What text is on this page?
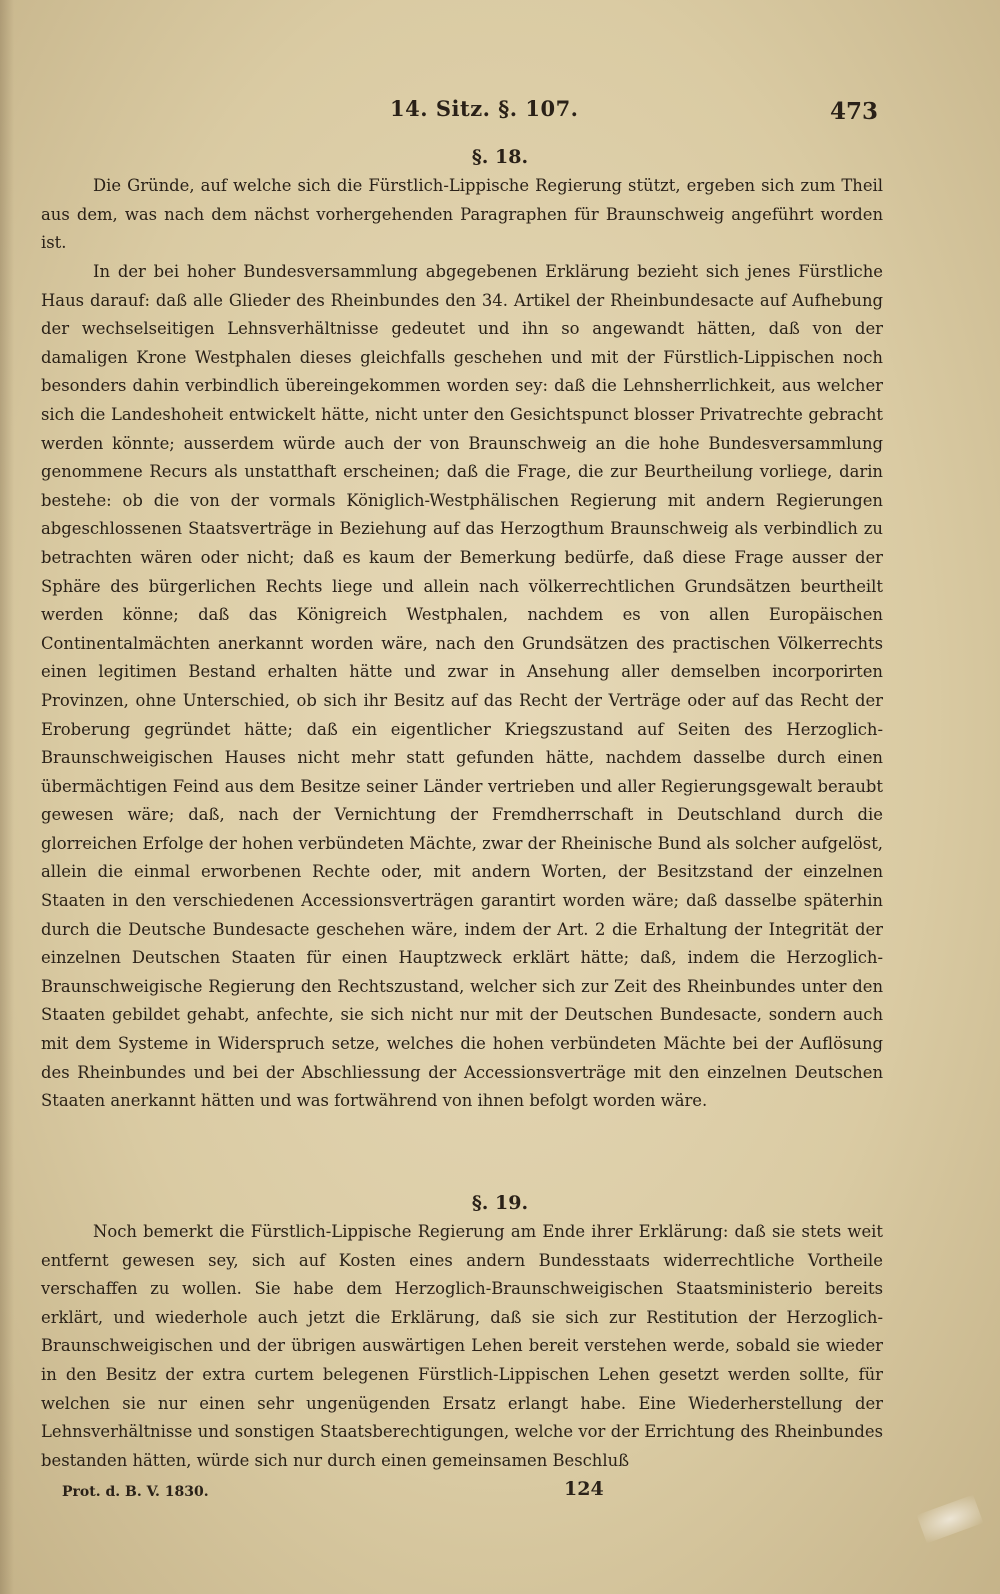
14. Sitz. §. 107.	473
§. 18.

Die Gründe, auf welche sich die Fürstlich-Lippische Regierung stützt, ergeben sich zum Theil aus dem, was nach dem nächst vorhergehenden Paragraphen für Braunschweig angeführt worden ist.

In der bei hoher Bundesversammlung abgegebenen Erklärung bezieht sich jenes Fürstliche Haus darauf: daß alle Glieder des Rheinbundes den 34. Artikel der Rheinbundesacte auf Aufhebung der wechselseitigen Lehnsverhältnisse gedeutet und ihn so angewandt hätten, daß von der damaligen Krone Westphalen dieses gleichfalls geschehen und mit der Fürstlich-Lippischen noch besonders dahin verbindlich übereingekommen worden sey: daß die Lehnsherrlichkeit, aus welcher sich die Landeshoheit entwickelt hätte, nicht unter den Gesichtspunct blosser Privatrechte gebracht werden könnte; ausserdem würde auch der von Braunschweig an die hohe Bundesversammlung genommene Recurs als unstatthaft erscheinen; daß die Frage, die zur Beurtheilung vorliege, darin bestehe: ob die von der vormals Königlich-Westphälischen Regierung mit andern Regierungen abgeschlossenen Staatsverträge in Beziehung auf das Herzogthum Braunschweig als verbindlich zu betrachten wären oder nicht; daß es kaum der Bemerkung bedürfe, daß diese Frage ausser der Sphäre des bürgerlichen Rechts liege und allein nach völkerrechtlichen Grundsätzen beurtheilt werden könne; daß das Königreich Westphalen, nachdem es von allen Europäischen Continentalmächten anerkannt worden wäre, nach den Grundsätzen des practischen Völkerrechts einen legitimen Bestand erhalten hätte und zwar in Ansehung aller demselben incorporirten Provinzen, ohne Unterschied, ob sich ihr Besitz auf das Recht der Verträge oder auf das Recht der Eroberung gegründet hätte; daß ein eigentlicher Kriegszustand auf Seiten des Herzoglich-Braunschweigischen Hauses nicht mehr statt gefunden hätte, nachdem dasselbe durch einen übermächtigen Feind aus dem Besitze seiner Länder vertrieben und aller Regierungsgewalt beraubt gewesen wäre; daß, nach der Vernichtung der Fremdherrschaft in Deutschland durch die glorreichen Erfolge der hohen verbündeten Mächte, zwar der Rheinische Bund als solcher aufgelöst, allein die einmal erworbenen Rechte oder, mit andern Worten, der Besitzstand der einzelnen Staaten in den verschiedenen Accessionsverträgen garantirt worden wäre; daß dasselbe späterhin durch die Deutsche Bundesacte geschehen wäre, indem der Art. 2 die Erhaltung der Integrität der einzelnen Deutschen Staaten für einen Hauptzweck erklärt hätte; daß, indem die Herzoglich-Braunschweigische Regierung den Rechtszustand, welcher sich zur Zeit des Rheinbundes unter den Staaten gebildet gehabt, anfechte, sie sich nicht nur mit der Deutschen Bundesacte, sondern auch mit dem Systeme in Widerspruch setze, welches die hohen verbündeten Mächte bei der Auflösung des Rheinbundes und bei der Abschliessung der Accessionsverträge mit den einzelnen Deutschen Staaten anerkannt hätten und was fortwährend von ihnen befolgt worden wäre.

§. 19.

Noch bemerkt die Fürstlich-Lippische Regierung am Ende ihrer Erklärung: daß sie stets weit entfernt gewesen sey, sich auf Kosten eines andern Bundesstaats widerrechtliche Vortheile verschaffen zu wollen. Sie habe dem Herzoglich-Braunschweigischen Staatsministerio bereits erklärt, und wiederhole auch jetzt die Erklärung, daß sie sich zur Restitution der Herzoglich-Braunschweigischen und der übrigen auswärtigen Lehen bereit verstehen werde, sobald sie wieder in den Besitz der extra curtem belegenen Fürstlich-Lippischen Lehen gesetzt werden sollte, für welchen sie nur einen sehr ungenügenden Ersatz erlangt habe. Eine Wiederherstellung der Lehnsverhältnisse und sonstigen Staatsberechtigungen, welche vor der Errichtung des Rheinbundes bestanden hätten, würde sich nur durch einen gemeinsamen Beschluß

Prot. d. B. V. 1830.	124
